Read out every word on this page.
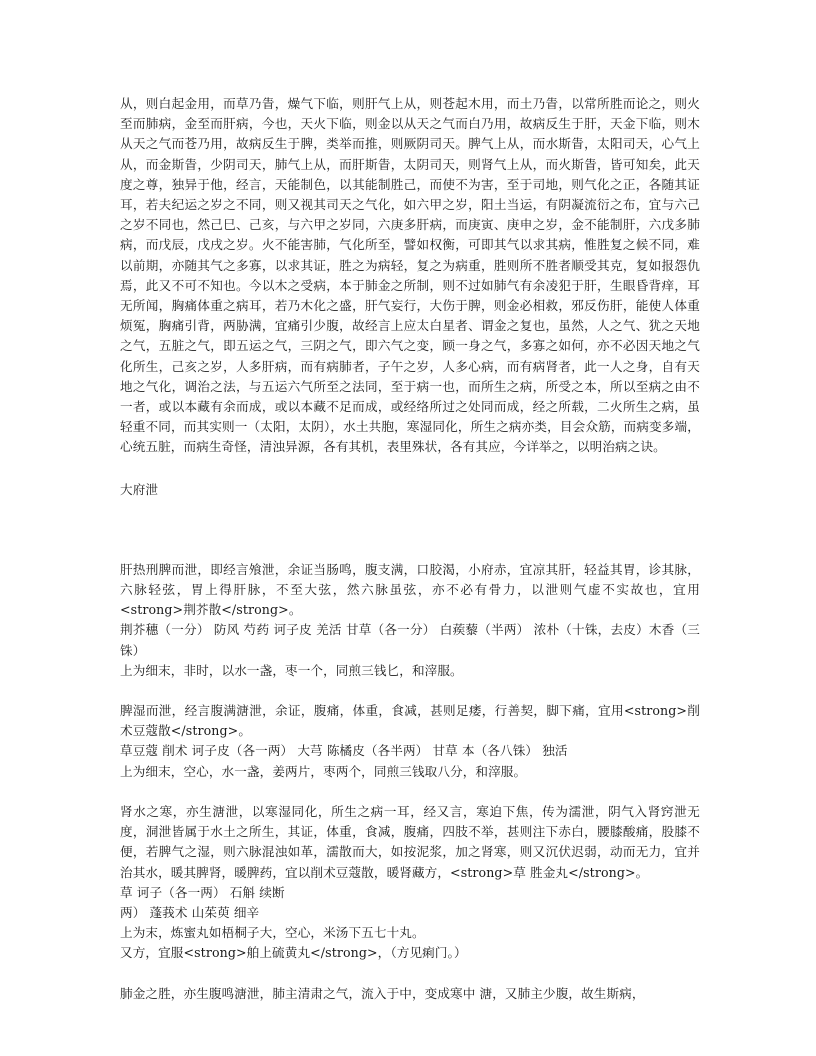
从，则白起金用，而草乃眚，燥气下临，则肝气上从，则苍起木用，而土乃眚，以常所胜而论之，则火至而肺病，金至而肝病，今也，天火下临，则金以从天之气而白乃用，故病反生于肝，天金下临，则木从天之气而苍乃用，故病反生于脾，类举而推，则厥阴司天。脾气上从，而水斯眚，太阳司天，心气上从，而金斯眚，少阴司天，肺气上从，而肝斯眚，太阴司天，则肾气上从，而火斯眚，皆可知矣，此天度之尊，独异于他，经言，天能制色，以其能制胜己，而使不为害，至于司地，则气化之正，各随其证耳，若夫纪运之岁之不同，则又视其司天之气化，如六甲之岁，阳土当运，有阴凝流衍之布，宜与六己之岁不同也，然己巳、己亥，与六甲之岁同，六庚多肝病，而庚寅、庚申之岁，金不能制肝，六戊多肺病，而戊辰，戊戌之岁。火不能害肺，气化所至，譬如权衡，可即其气以求其病，惟胜复之候不同，难以前期，亦随其气之多寡，以求其证，胜之为病轻，复之为病重，胜则所不胜者顺受其克，复如报怨仇焉，此又不可不知也。今以木之受病，本于肺金之所制，则不过如肺气有余凌犯于肝，生眼昏背痒，耳无所闻，胸痛体重之病耳，若乃木化之盛，肝气妄行，大伤于脾，则金必相救，邪反伤肝，能使人体重烦冤，胸痛引背，两胁满，宜痛引少腹，故经言上应太白星者、谓金之复也，虽然，人之气、犹之天地之气，五脏之气，即五运之气，三阴之气，即六气之变，顾一身之气，多寡之如何，亦不必因天地之气化所生，己亥之岁，人多肝病，而有病肺者，子午之岁，人多心病，而有病肾者，此一人之身，自有天地之气化，调治之法，与五运六气所至之法同，至于病一也，而所生之病，所受之本，所以至病之由不一者，或以本藏有余而成，或以本藏不足而成，或经络所过之处同而成，经之所载，二火所生之病，虽轻重不同，而其实则一（太阳，太阴），水土共胞，寒湿同化，所生之病亦类，目会众筋，而病变多端，心统五脏，而病生奇怪，清浊异源，各有其机，表里殊状，各有其应，今详举之，以明治病之诀。

大府泄

肝热刑脾而泄，即经言飧泄，余证当肠鸣，腹支满，口胶渴，小府赤，宜凉其肝，轻益其胃，诊其脉，六脉轻弦，胃上得肝脉，不至大弦，然六脉虽弦，亦不必有骨力，以泄则气虚不实故也，宜用<strong>荆芥散</strong>。

荆芥穗（一分） 防风 芍药 诃子皮 羌活 甘草（各一分） 白蒺藜（半两） 浓朴（十铢，去皮）木香（三铢）

上为细末，非时，以水一盏，枣一个，同煎三钱匕，和滓服。

脾湿而泄，经言腹满溏泄，余证，腹痛，体重，食减，甚则足痿，行善契，脚下痛，宜用<strong>削术豆蔻散</strong>。

草豆蔻 削术 诃子皮（各一两） 大芎 陈橘皮（各半两） 甘草 本（各八铢） 独活

上为细末，空心，水一盏，姜两片，枣两个，同煎三钱取八分，和滓服。

肾水之寒，亦生溏泄，以寒湿同化，所生之病一耳，经又言，寒迫下焦，传为濡泄，阴气入肾窍泄无度，洞泄皆属于水土之所生，其证，体重，食减，腹痛，四肢不举，甚则注下赤白，腰膝酸痛，股膝不便，若脾气之湿，则六脉混浊如革，濡散而大，如按泥浆，加之肾寒，则又沉伏迟弱，动而无力，宜并治其水，暖其脾肾，暖脾药，宜以削术豆蔻散，暖肾藏方，<strong>草 胜金丸</strong>。

草 诃子（各一两） 石斛 续断

两） 蓬莪术 山茱萸 细辛

上为末，炼蜜丸如梧桐子大，空心，米汤下五七十丸。

又方，宜服<strong>舶上硫黄丸</strong>，（方见痢门。）

肺金之胜，亦生腹鸣溏泄，肺主清肃之气，流入于中，变成寒中 溏，又肺主少腹，故生斯病，
